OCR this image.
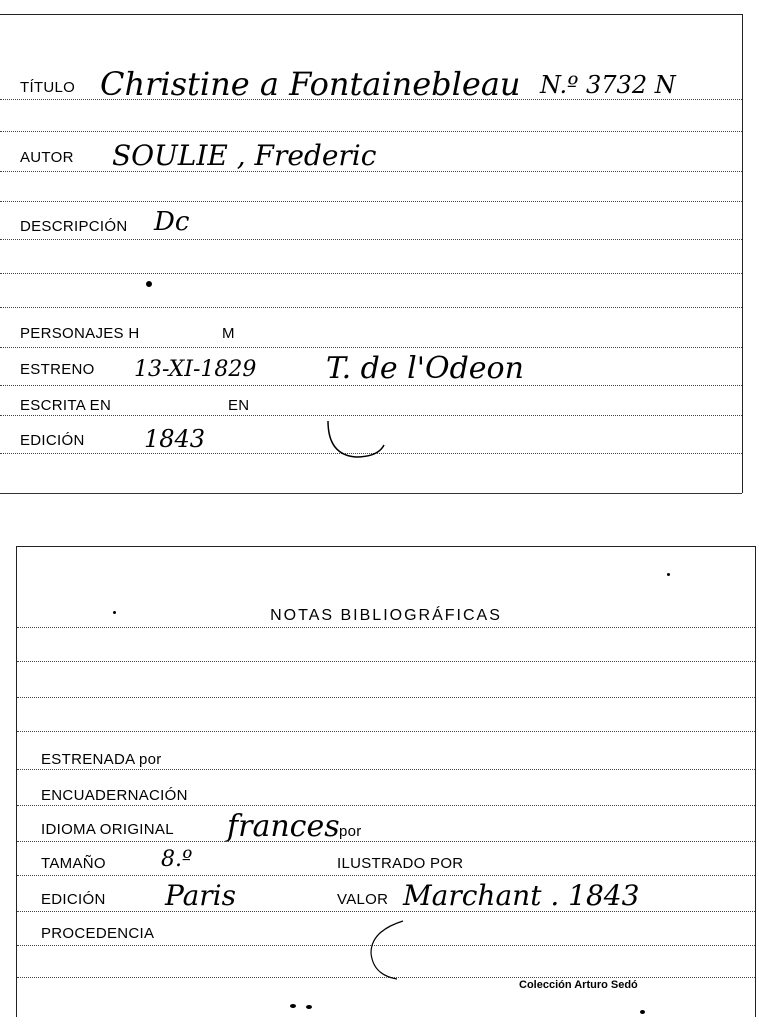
TÍTULO Christine a Fontainebleau N.º 3732 N
AUTOR SOULIE , Frederic
DESCRIPCIÓN Dc
PERSONAJES H	M
ESTRENO 13-XI-1829 T. de l'Odeon
ESCRITA EN	EN
EDICIÓN 1843
NOTAS BIBLIOGRÁFICAS
ESTRENADA por
ENCUADERNACIÓN
IDIOMA ORIGINAL frances por
TAMAÑO	8.º	ILUSTRADO POR
EDICIÓN Paris	VALOR Marchant . 1843
PROCEDENCIA
Colección Arturo Sedó
